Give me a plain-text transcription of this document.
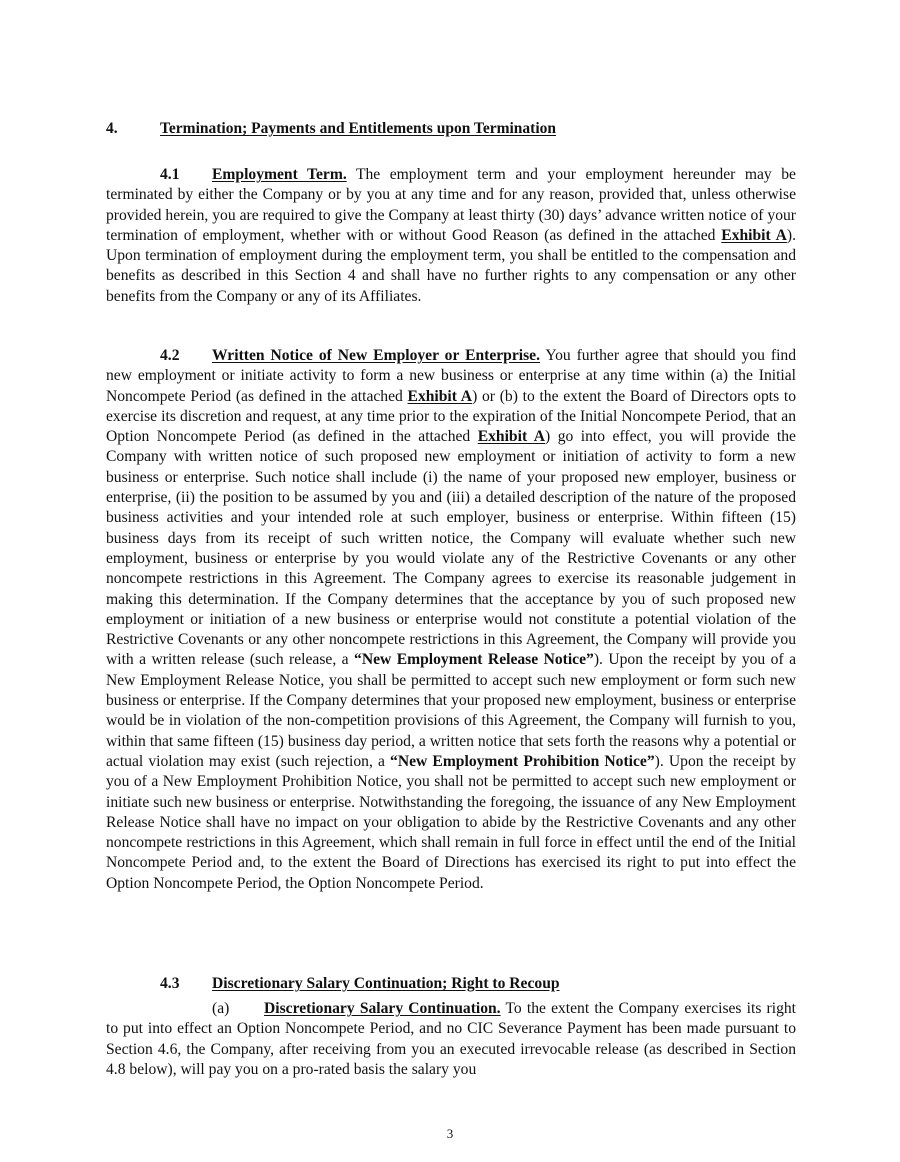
4.	Termination; Payments and Entitlements upon Termination

4.1 Employment Term. The employment term and your employment hereunder may be terminated by either the Company or by you at any time and for any reason, provided that, unless otherwise provided herein, you are required to give the Company at least thirty (30) days’ advance written notice of your termination of employment, whether with or without Good Reason (as defined in the attached Exhibit A). Upon termination of employment during the employment term, you shall be entitled to the compensation and benefits as described in this Section 4 and shall have no further rights to any compensation or any other benefits from the Company or any of its Affiliates.

4.2 Written Notice of New Employer or Enterprise. You further agree that should you find new employment or initiate activity to form a new business or enterprise at any time within (a) the Initial Noncompete Period (as defined in the attached Exhibit A) or (b) to the extent the Board of Directors opts to exercise its discretion and request, at any time prior to the expiration of the Initial Noncompete Period, that an Option Noncompete Period (as defined in the attached Exhibit A) go into effect, you will provide the Company with written notice of such proposed new employment or initiation of activity to form a new business or enterprise. Such notice shall include (i) the name of your proposed new employer, business or enterprise, (ii) the position to be assumed by you and (iii) a detailed description of the nature of the proposed business activities and your intended role at such employer, business or enterprise. Within fifteen (15) business days from its receipt of such written notice, the Company will evaluate whether such new employment, business or enterprise by you would violate any of the Restrictive Covenants or any other noncompete restrictions in this Agreement. The Company agrees to exercise its reasonable judgement in making this determination. If the Company determines that the acceptance by you of such proposed new employment or initiation of a new business or enterprise would not constitute a potential violation of the Restrictive Covenants or any other noncompete restrictions in this Agreement, the Company will provide you with a written release (such release, a “New Employment Release Notice”). Upon the receipt by you of a New Employment Release Notice, you shall be permitted to accept such new employment or form such new business or enterprise. If the Company determines that your proposed new employment, business or enterprise would be in violation of the non-competition provisions of this Agreement, the Company will furnish to you, within that same fifteen (15) business day period, a written notice that sets forth the reasons why a potential or actual violation may exist (such rejection, a “New Employment Prohibition Notice”). Upon the receipt by you of a New Employment Prohibition Notice, you shall not be permitted to accept such new employment or initiate such new business or enterprise. Notwithstanding the foregoing, the issuance of any New Employment Release Notice shall have no impact on your obligation to abide by the Restrictive Covenants and any other noncompete restrictions in this Agreement, which shall remain in full force in effect until the end of the Initial Noncompete Period and, to the extent the Board of Directions has exercised its right to put into effect the Option Noncompete Period, the Option Noncompete Period.

4.3 Discretionary Salary Continuation; Right to Recoup

(a) Discretionary Salary Continuation. To the extent the Company exercises its right to put into effect an Option Noncompete Period, and no CIC Severance Payment has been made pursuant to Section 4.6, the Company, after receiving from you an executed irrevocable release (as described in Section 4.8 below), will pay you on a pro-rated basis the salary you

3
